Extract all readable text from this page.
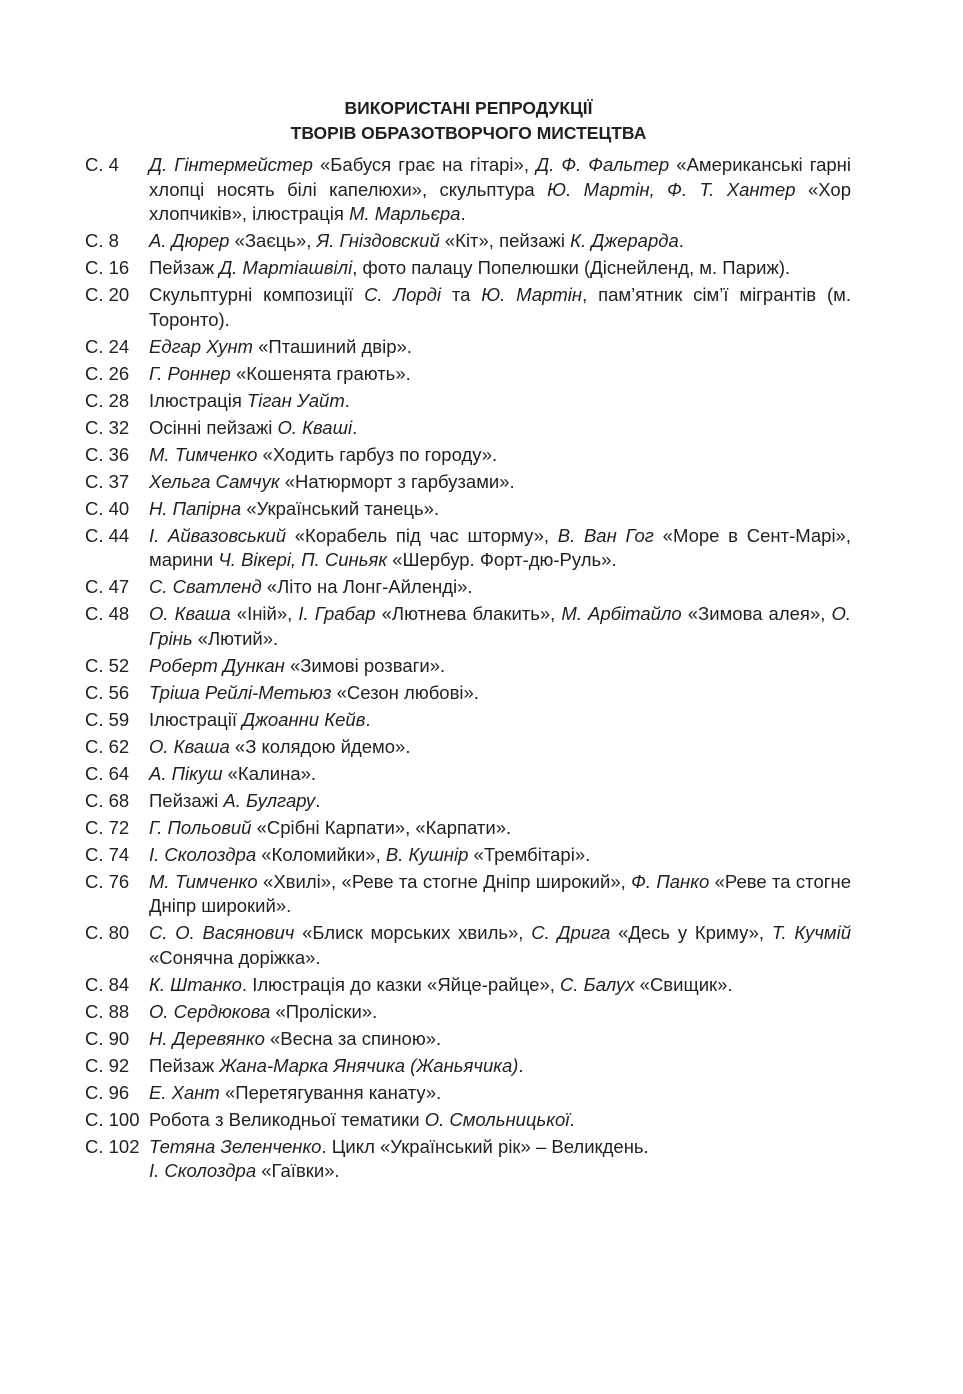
ВИКОРИСТАНІ РЕПРОДУКЦІЇ
ТВОРІВ ОБРАЗОТВОРЧОГО МИСТЕЦТВА
С. 4	Д. Гінтермейстер «Бабуся грає на гітарі», Д. Ф. Фальтер «Американські гарні хлопці носять білі капелюхи», скульптура Ю. Мартін, Ф. Т. Хантер «Хор хлопчиків», ілюстрація М. Марльєра.
С. 8	А. Дюрер «Заєць», Я. Гніздовский «Кіт», пейзажі К. Джерарда.
С. 16	Пейзаж Д. Мартіашвілі, фото палацу Попелюшки (Діснейленд, м. Париж).
С. 20	Скульптурні композиції С. Лорді та Ю. Мартін, пам’ятник сім’ї мігрантів (м. Торонто).
С. 24	Едгар Хунт «Пташиний двір».
С. 26	Г. Роннер «Кошенята грають».
С. 28	Ілюстрація Тіган Уайт.
С. 32	Осінні пейзажі О. Кваші.
С. 36	М. Тимченко «Ходить гарбуз по городу».
С. 37	Хельга Самчук «Натюрморт з гарбузами».
С. 40	Н. Папірна «Український танець».
С. 44	І. Айвазовський «Корабель під час шторму», В. Ван Гог «Море в Сент-Марі», марини Ч. Вікері, П. Синьяк «Шербур. Форт-дю-Руль».
С. 47	С. Сватленд «Літо на Лонг-Айленді».
С. 48	О. Кваша «Іній», І. Грабар «Лютнева блакить», М. Арбітайло «Зимова алея», О. Грінь «Лютий».
С. 52	Роберт Дункан «Зимові розваги».
С. 56	Тріша Рейлі-Метьюз «Сезон любові».
С. 59	Ілюстрації Джоанни Кейв.
С. 62	О. Кваша «З колядою йдемо».
С. 64	А. Пікуш «Калина».
С. 68	Пейзажі А. Булгару.
С. 72	Г. Польовий «Срібні Карпати», «Карпати».
С. 74	І. Сколоздра «Коломийки», В. Кушнір «Трембітарі».
С. 76	М. Тимченко «Хвилі», «Реве та стогне Дніпр широкий», Ф. Панко «Реве та стогне Дніпр широкий».
С. 80	С. О. Васянович «Блиск морських хвиль», С. Дрига «Десь у Криму», Т. Кучмій «Сонячна доріжка».
С. 84	К. Штанко. Ілюстрація до казки «Яйце-райце», С. Балух «Свищик».
С. 88	О. Сердюкова «Проліски».
С. 90	Н. Деревянко «Весна за спиною».
С. 92	Пейзаж Жана-Марка Янячика (Жаньячика).
С. 96	Е. Хант «Перетягування канату».
С. 100 Робота з Великодньої тематики О. Смольницької.
С. 102 Тетяна Зеленченко. Цикл «Український рік» – Великдень.
І. Сколоздра «Гаївки».
